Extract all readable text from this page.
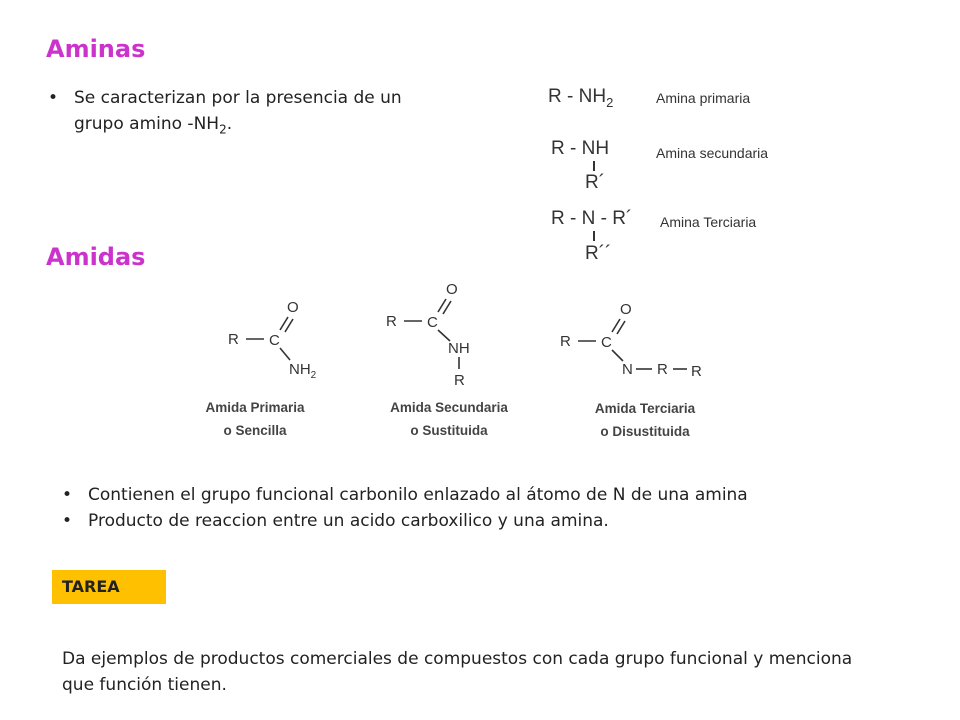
Aminas
• Se caracterizan por la presencia de un grupo amino $-NH_2$.
R - $NH_2$	Amina primaria
R - NH
R´
Amina secundaria
R - N - R´
R´´
Amina Terciaria
Amidas
R C
O
$NH_2$
R C
O
NH
R
R C
O
N R R
Amida Primaria
o Sencilla
Amida Secundaria
o Sustituida
Amida Terciaria
o Disustituida
• Contienen el grupo funcional carbonilo enlazado al átomo de N de una amina
• Producto de reaccion entre un acido carboxilico y una amina.
TAREA
Da ejemplos de productos comerciales de compuestos con cada grupo funcional y menciona que función tienen.
